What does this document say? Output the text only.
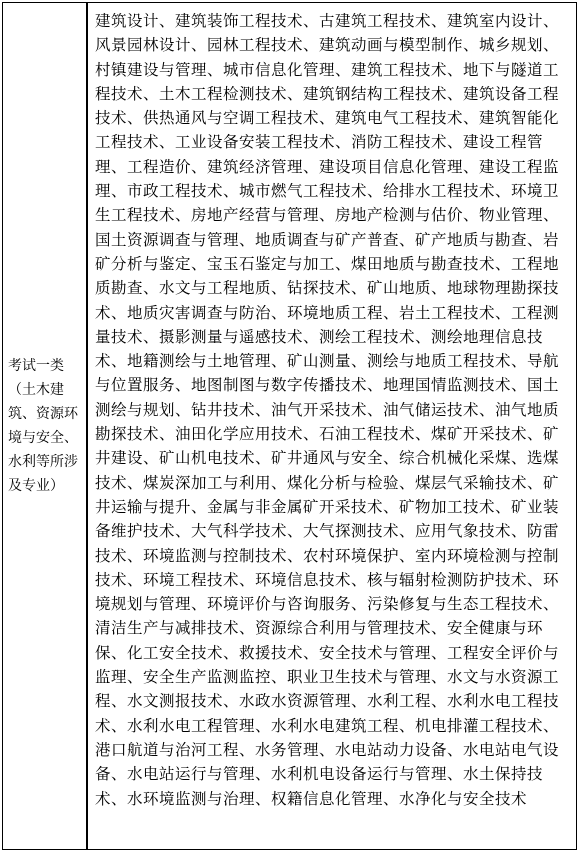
考试一类（土木建筑、资源环境与安全、水利等所涉及专业）
建筑设计、建筑装饰工程技术、古建筑工程技术、建筑室内设计、风景园林设计、园林工程技术、建筑动画与模型制作、城乡规划、村镇建设与管理、城市信息化管理、建筑工程技术、地下与隧道工程技术、土木工程检测技术、建筑钢结构工程技术、建筑设备工程技术、供热通风与空调工程技术、建筑电气工程技术、建筑智能化工程技术、工业设备安装工程技术、消防工程技术、建设工程管理、工程造价、建筑经济管理、建设项目信息化管理、建设工程监理、市政工程技术、城市燃气工程技术、给排水工程技术、环境卫生工程技术、房地产经营与管理、房地产检测与估价、物业管理、国土资源调查与管理、地质调查与矿产普查、矿产地质与勘查、岩矿分析与鉴定、宝玉石鉴定与加工、煤田地质与勘查技术、工程地质勘查、水文与工程地质、钻探技术、矿山地质、地球物理勘探技术、地质灾害调查与防治、环境地质工程、岩土工程技术、工程测量技术、摄影测量与遥感技术、测绘工程技术、测绘地理信息技术、地籍测绘与土地管理、矿山测量、测绘与地质工程技术、导航与位置服务、地图制图与数字传播技术、地理国情监测技术、国土测绘与规划、钻井技术、油气开采技术、油气储运技术、油气地质勘探技术、油田化学应用技术、石油工程技术、煤矿开采技术、矿井建设、矿山机电技术、矿井通风与安全、综合机械化采煤、选煤技术、煤炭深加工与利用、煤化分析与检验、煤层气采输技术、矿井运输与提升、金属与非金属矿开采技术、矿物加工技术、矿业装备维护技术、大气科学技术、大气探测技术、应用气象技术、防雷技术、环境监测与控制技术、农村环境保护、室内环境检测与控制技术、环境工程技术、环境信息技术、核与辐射检测防护技术、环境规划与管理、环境评价与咨询服务、污染修复与生态工程技术、清洁生产与减排技术、资源综合利用与管理技术、安全健康与环保、化工安全技术、救援技术、安全技术与管理、工程安全评价与监理、安全生产监测监控、职业卫生技术与管理、水文与水资源工程、水文测报技术、水政水资源管理、水利工程、水利水电工程技术、水利水电工程管理、水利水电建筑工程、机电排灌工程技术、港口航道与治河工程、水务管理、水电站动力设备、水电站电气设备、水电站运行与管理、水利机电设备运行与管理、水土保持技术、水环境监测与治理、权籍信息化管理、水净化与安全技术
